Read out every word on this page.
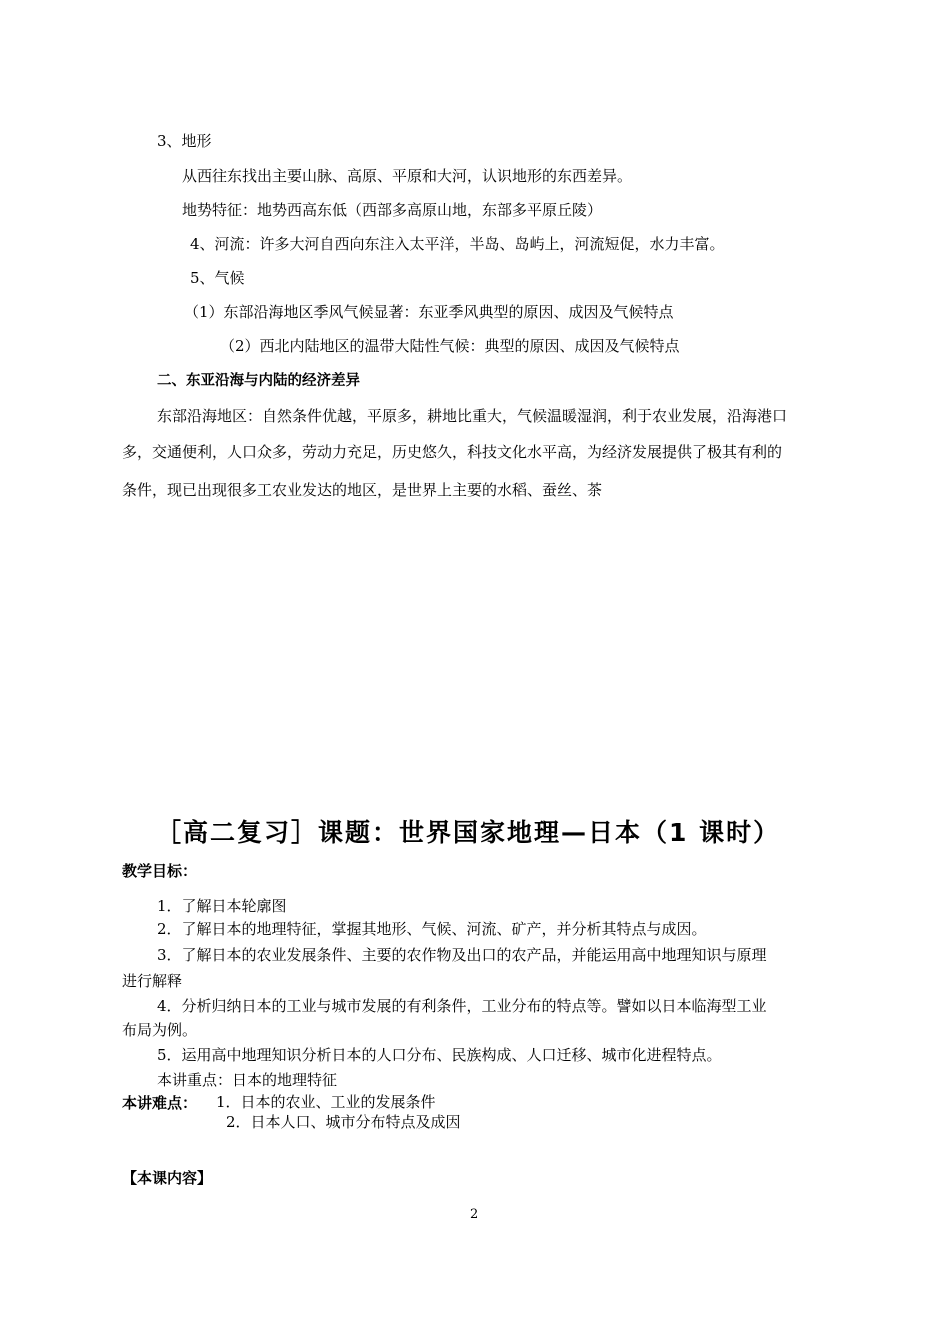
3、地形
从西往东找出主要山脉、高原、平原和大河，认识地形的东西差异。
地势特征：地势西高东低（西部多高原山地，东部多平原丘陵）
4、河流：许多大河自西向东注入太平洋，半岛、岛屿上，河流短促，水力丰富。
5、气候
（1）东部沿海地区季风气候显著：东亚季风典型的原因、成因及气候特点
（2）西北内陆地区的温带大陆性气候：典型的原因、成因及气候特点
二、东亚沿海与内陆的经济差异
东部沿海地区：自然条件优越，平原多，耕地比重大，气候温暖湿润，利于农业发展，沿海港口
多，交通便利，人口众多，劳动力充足，历史悠久，科技文化水平高，为经济发展提供了极其有利的
条件，现已出现很多工农业发达的地区，是世界上主要的水稻、蚕丝、茶
［高二复习］课题：世界国家地理—日本（1 课时）
教学目标：
1．了解日本轮廓图
2．了解日本的地理特征，掌握其地形、气候、河流、矿产，并分析其特点与成因。
3．了解日本的农业发展条件、主要的农作物及出口的农产品，并能运用高中地理知识与原理
进行解释
4．分析归纳日本的工业与城市发展的有利条件，工业分布的特点等。譬如以日本临海型工业
布局为例。
5．运用高中地理知识分析日本的人口分布、民族构成、人口迁移、城市化进程特点。
本讲重点：日本的地理特征
本讲难点： 1．日本的农业、工业的发展条件
2．日本人口、城市分布特点及成因
【本课内容】
2
